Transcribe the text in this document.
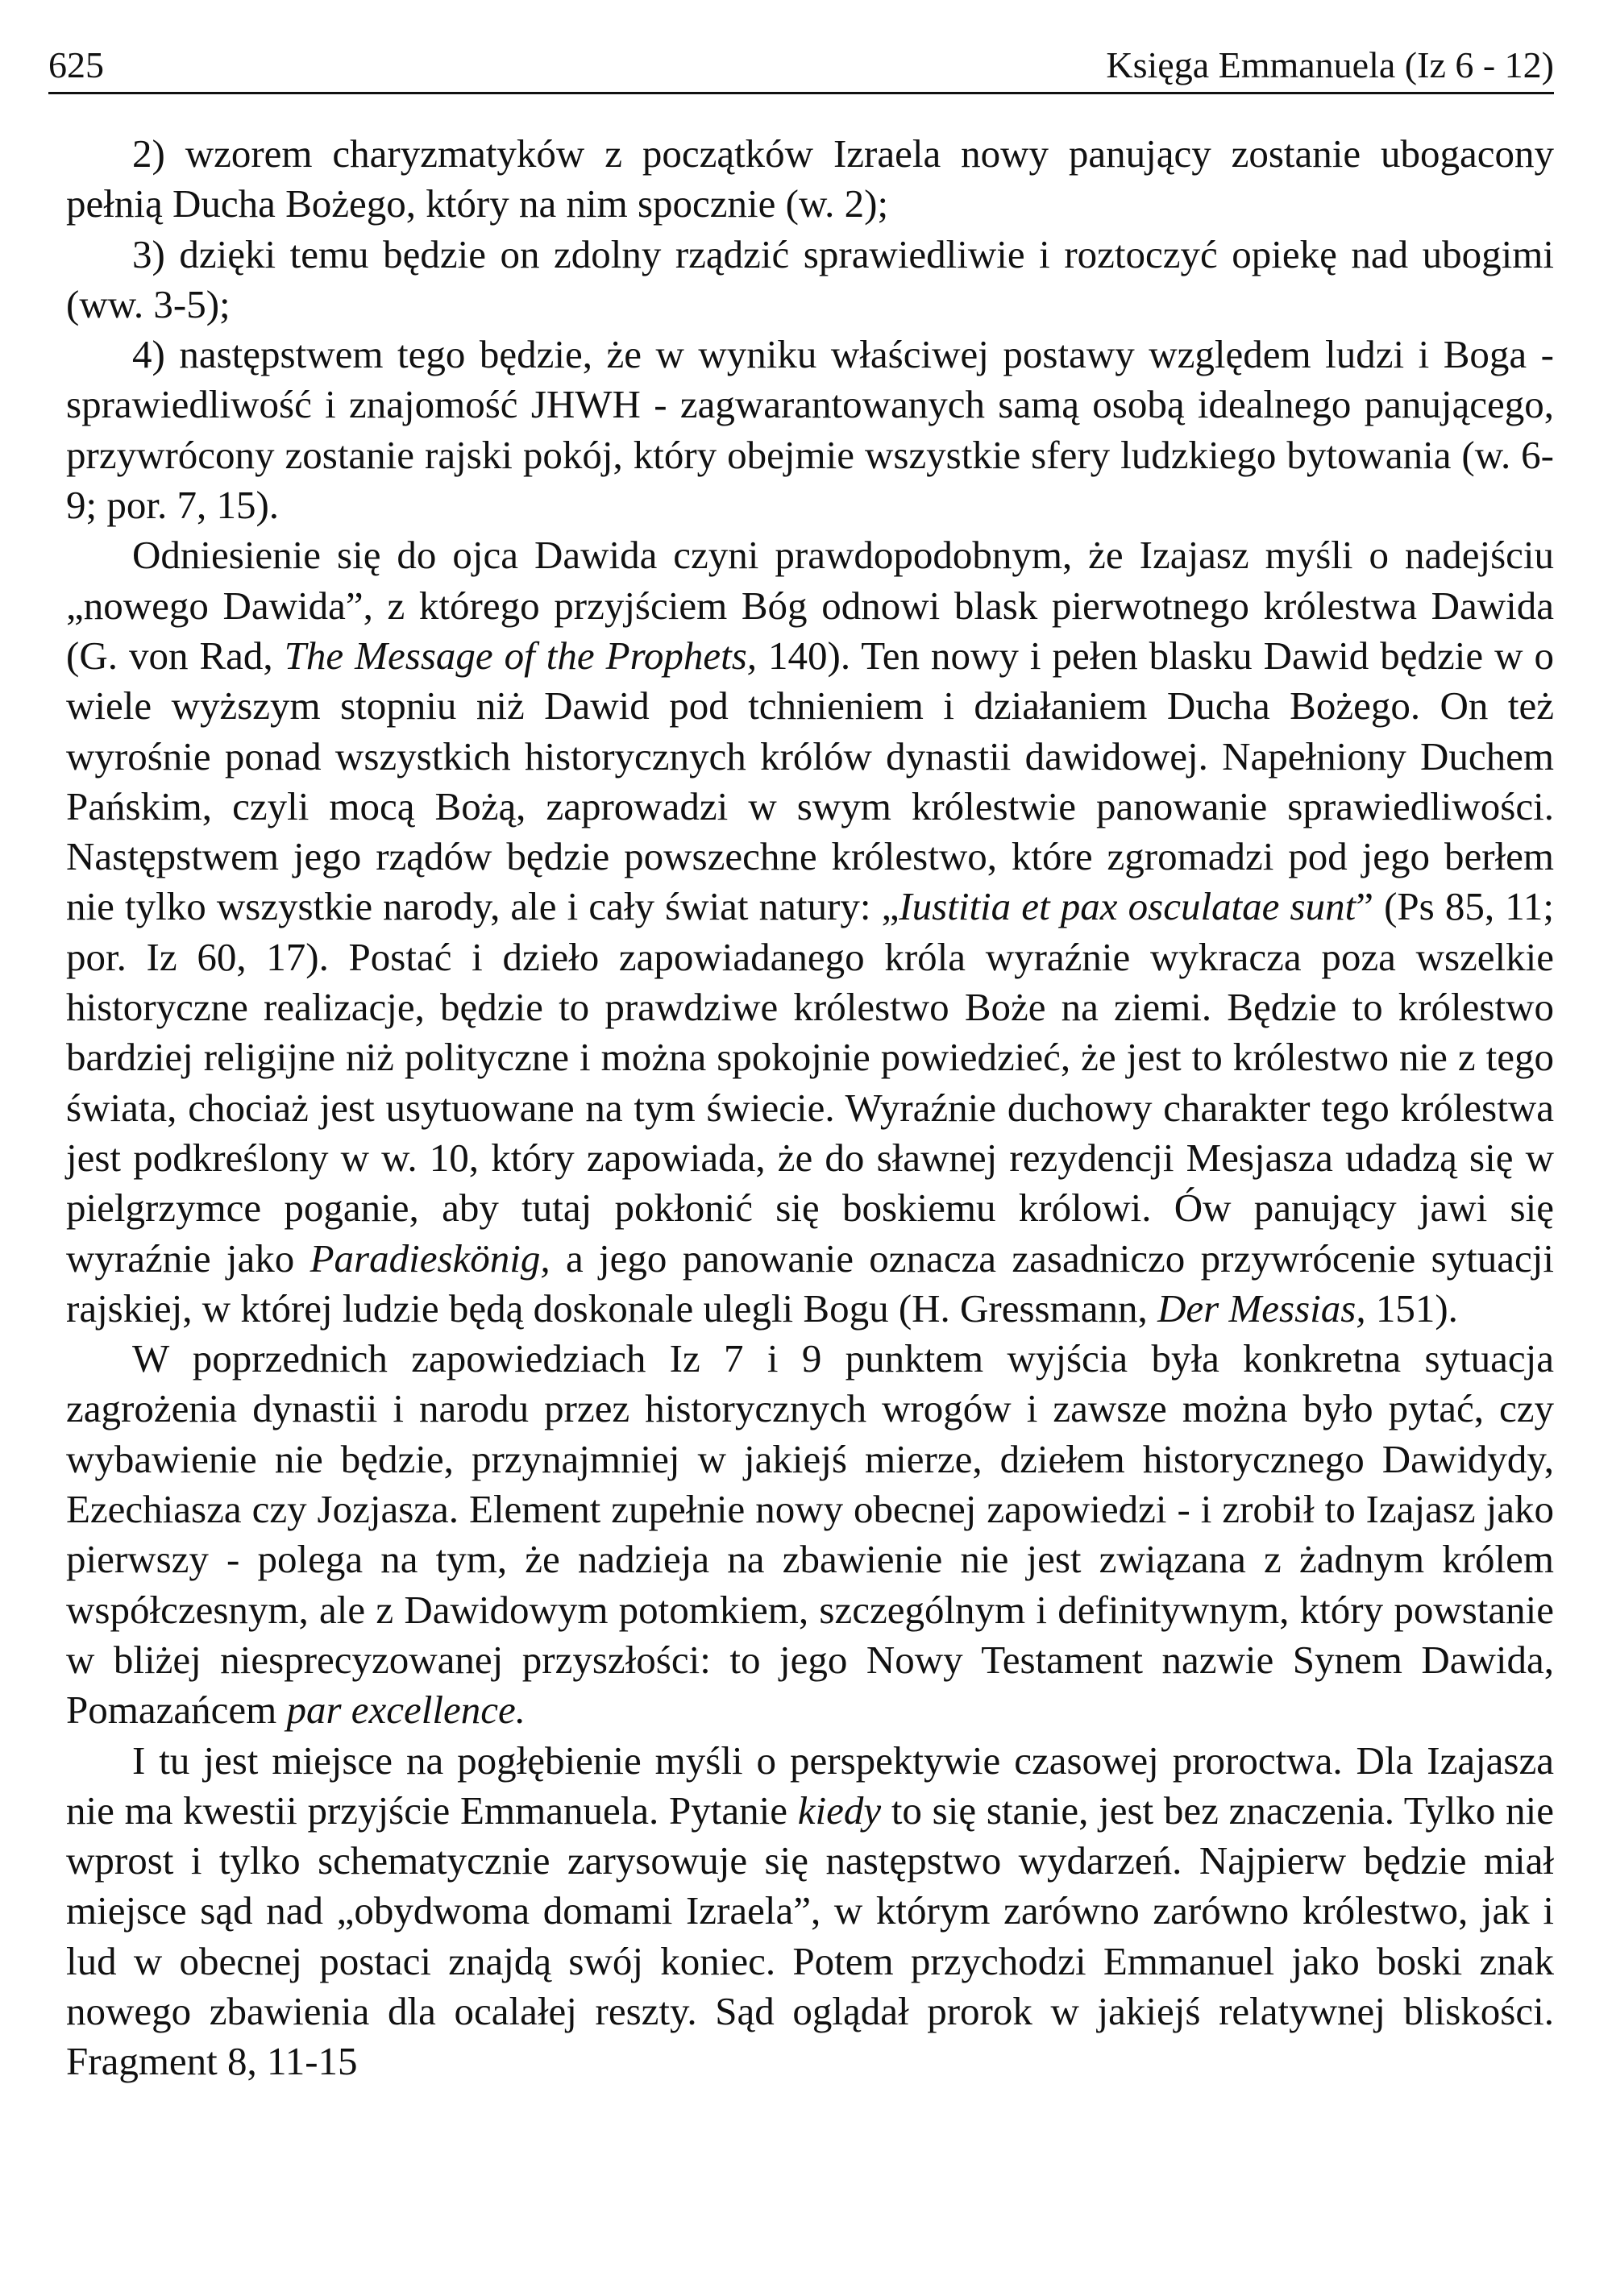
625	Księga Emmanuela (Iz 6 - 12)

2) wzorem charyzmatyków z początków Izraela nowy panujący zostanie ubogacony pełnią Ducha Bożego, który na nim spocznie (w. 2);

3) dzięki temu będzie on zdolny rządzić sprawiedliwie i roztoczyć opiekę nad ubogimi (ww. 3-5);

4) następstwem tego będzie, że w wyniku właściwej postawy względem ludzi i Boga - sprawiedliwość i znajomość JHWH - zagwarantowanych samą osobą idealnego panującego, przywrócony zostanie rajski pokój, który obejmie wszystkie sfery ludzkiego bytowania (w. 6-9; por. 7, 15).

Odniesienie się do ojca Dawida czyni prawdopodobnym, że Izajasz myśli o nadejściu „nowego Dawida”, z którego przyjściem Bóg odnowi blask pierwotnego królestwa Dawida (G. von Rad, The Message of the Prophets, 140). Ten nowy i pełen blasku Dawid będzie w o wiele wyższym stopniu niż Dawid pod tchnieniem i działaniem Ducha Bożego. On też wyrośnie ponad wszystkich historycznych królów dynastii dawidowej. Napełniony Duchem Pańskim, czyli mocą Bożą, zaprowadzi w swym królestwie panowanie sprawiedliwości. Następstwem jego rządów będzie powszechne królestwo, które zgromadzi pod jego berłem nie tylko wszystkie narody, ale i cały świat natury: „Iustitia et pax osculatae sunt” (Ps 85, 11; por. Iz 60, 17). Postać i dzieło zapowiadanego króla wyraźnie wykracza poza wszelkie historyczne realizacje, będzie to prawdziwe królestwo Boże na ziemi. Będzie to królestwo bardziej religijne niż polityczne i można spokojnie powiedzieć, że jest to królestwo nie z tego świata, chociaż jest usytuowane na tym świecie. Wyraźnie duchowy charakter tego królestwa jest podkreślony w w. 10, który zapowiada, że do sławnej rezydencji Mesjasza udadzą się w pielgrzymce poganie, aby tutaj pokłonić się boskiemu królowi. Ów panujący jawi się wyraźnie jako Paradieskönig, a jego panowanie oznacza zasadniczo przywrócenie sytuacji rajskiej, w której ludzie będą doskonale ulegli Bogu (H. Gressmann, Der Messias, 151).

W poprzednich zapowiedziach Iz 7 i 9 punktem wyjścia była konkretna sytuacja zagrożenia dynastii i narodu przez historycznych wrogów i zawsze można było pytać, czy wybawienie nie będzie, przynajmniej w jakiejś mierze, dziełem historycznego Dawidydy, Ezechiasza czy Jozjasza. Element zupełnie nowy obecnej zapowiedzi - i zrobił to Izajasz jako pierwszy - polega na tym, że nadzieja na zbawienie nie jest związana z żadnym królem współczesnym, ale z Dawidowym potomkiem, szczególnym i definitywnym, który powstanie w bliżej niesprecyzowanej przyszłości: to jego Nowy Testament nazwie Synem Dawida, Pomazańcem par excellence.

I tu jest miejsce na pogłębienie myśli o perspektywie czasowej proroctwa. Dla Izajasza nie ma kwestii przyjście Emmanuela. Pytanie kiedy to się stanie, jest bez znaczenia. Tylko nie wprost i tylko schematycznie zarysowuje się następstwo wydarzeń. Najpierw będzie miał miejsce sąd nad „obydwoma domami Izraela”, w którym zarówno zarówno królestwo, jak i lud w obecnej postaci znajdą swój koniec. Potem przychodzi Emmanuel jako boski znak nowego zbawienia dla ocalałej reszty. Sąd oglądał prorok w jakiejś relatywnej bliskości. Fragment 8, 11-15
